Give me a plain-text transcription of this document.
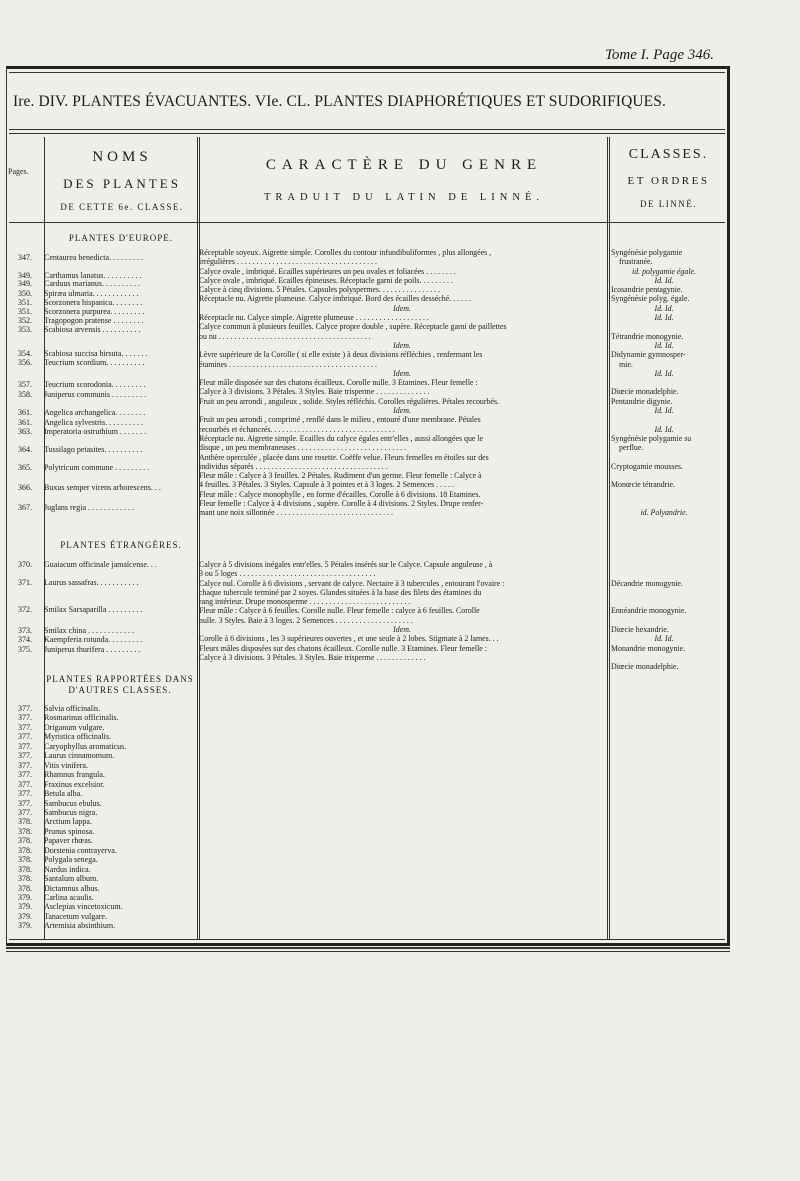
Tome I. Page 346.
Ire. DIV. PLANTES ÉVACUANTES. VIe. CL. PLANTES DIAPHORÉTIQUES ET SUDORIFIQUES.
NOMS
DES PLANTES
DE CETTE 6e. CLASSE.
CARACTÈRE DU GENRE
TRADUIT DU LATIN DE LINNÉ.
CLASSES.
ET ORDRES
DE LINNÉ.
Pages.
PLANTES D'EUROPE.
PLANTES ÉTRANGÈRES.
PLANTES RAPPORTÉES DANS
D'AUTRES CLASSES.
347. Centaurea benedicta. . . . . . . . .
349. Carthamus lanatus. . . . . . . . . .
349. Carduus marianus. . . . . . . . . .
350. Spiræa ulmaria. . . . . . . . . . . .
351. Scorzonera hispanica. . . . . . . .
351. Scorzonera purpurea. . . . . . . . .
352. Tragopogon pratense . . . . . . . .
353. Scabiosa arvensis . . . . . . . . . .
354. Scabiosa succisa hirsuta. . . . . . .
356. Teucrium scordium. . . . . . . . . .
357. Teucrium scorodonia. . . . . . . . .
358. Juniperus communis . . . . . . . . .
361. Angelica archangelica. . . . . . . .
361. Angelica sylvestris. . . . . . . . . .
363. Imperatoria ostruthium . . . . . . .
364. Tussilago petasites. . . . . . . . . .
365. Polytricum commune . . . . . . . . .
366. Buxus semper virens arborescens. . .
367. Juglans regia . . . . . . . . . . . .
370. Guaiacum officinale jamaïcense. . .
371. Laurus sassafras. . . . . . . . . . .
372. Smilax Sarsaparilla . . . . . . . . .
373. Smilax china . . . . . . . . . . . .
374. Kaempferia rotunda. . . . . . . . .
375. Juniperus thurifera . . . . . . . . .
377. Salvia officinalis.
377. Rosmarinus officinalis.
377. Origanum vulgare.
377. Myristica officinalis.
377. Caryophyllus aromaticus.
377. Laurus cinnamomum.
377. Vitis vinifera.
377. Rhamnus frangula.
377. Fraxinus excelsior.
377. Betula alba.
377. Sambucus ebulus.
377. Sambucus nigra.
378. Arctium lappa.
378. Prunus spinosa.
378. Papaver rhœas.
378. Dorstenia contrayerva.
378. Polygala senega.
378. Nardus indica.
378. Santalum album.
378. Dictamnus albus.
379. Carlina acaulis.
379. Asclepias vincetoxicum.
379. Tanacetum vulgare.
379. Artemisia absinthium.
Réceptable soyeux. Aigrette simple. Corolles du contour infundibuliformes , plus allongées ,
irrégulières . . . . . . . . . . . . . . . . . . . . . . . . . . . . . . . . . . . .
Calyce ovale , imbriqué. Ecailles supérieures un peu ovales et foliacées . . . . . . . .
Calyce ovale , imbriqué. Ecailles épineuses. Réceptacle garni de poils. . . . . . . . .
Calyce à cinq divisions. 5 Pétales. Capsules polyspermes. . . . . . . . . . . . . . . .
Réceptacle nu. Aigrette plumeuse. Calyce imbriqué. Bord des écailles desséché. . . . . .
Idem.
Réceptacle nu. Calyce simple. Aigrette plumeuse . . . . . . . . . . . . . . . . . . .
Calyce commun à plusieurs feuilles. Calyce propre double , supère. Réceptacle garni de paillettes
ou nu . . . . . . . . . . . . . . . . . . . . . . . . . . . . . . . . . . . . . . .
Idem.
Lèvre supérieure de la Corolle ( si elle existe ) à deux divisions réfléchies , renfermant les
étamines . . . . . . . . . . . . . . . . . . . . . . . . . . . . . . . . . . . . . .
Idem.
Fleur mâle disposée sur des chatons écailleux. Corolle nulle. 3 Etamines. Fleur femelle :
Calyce à 3 divisions. 3 Pétales. 3 Styles. Baie trisperme . . . . . . . . . . . . . .
Fruit un peu arrondi , anguleux , solide. Styles réfléchis. Corolles régulières. Pétales recourbés.
Idem.
Fruit un peu arrondi , comprimé , renflé dans le milieu , entouré d'une membrane. Pétales
recourbés et échancrés. . . . . . . . . . . . . . . . . . . . . . . . . . . . . . . .
Réceptacle nu. Aigrette simple. Ecailles du calyce égales entr'elles , aussi allongées que le
disque , un peu membraneuses . . . . . . . . . . . . . . . . . . . . . . . . . . . .
Anthère operculée , placée dans une rosette. Coëffe velue. Fleurs femelles en étoiles sur des
individus séparés . . . . . . . . . . . . . . . . . . . . . . . . . . . . . . . . . .
Fleur mâle : Calyce à 3 feuilles. 2 Pétales. Rudiment d'un germe. Fleur femelle : Calyce à
4 feuilles. 3 Pétales. 3 Styles. Capsule à 3 pointes et à 3 loges. 2 Semences . . . . .
Fleur mâle : Calyce monophylle , en forme d'écailles. Corolle à 6 divisions. 18 Etamines.
Fleur femelle : Calyce à 4 divisions , supère. Corolle à 4 divisions. 2 Styles. Drupe renfer-
mant une noix sillonnée . . . . . . . . . . . . . . . . . . . . . . . . . . . . . .
Syngénésie polygamie
frustranée.
id. polygamie égale.
Id. Id.
Icosandrie pentagynie.
Syngénésie polyg. égale.
Id. Id.
Id. Id.

Tétrandrie monogynie.
Id. Id.
Didynamie gymnosper-
mie.
Id. Id.

Diœcie monadelphie.
Pentandrie digynie.
Id. Id.

Id. Id.
Syngénésie polygamie su
perflue.

Cryptogamie mousses.

Monœcie tétrandrie.

id. Polyandrie.
Calyce à 5 divisions inégales entr'elles. 5 Pétales insérés sur le Calyce. Capsule anguleuse , à
3 ou 5 loges . . . . . . . . . . . . . . . . . . . . . . . . . . . . . . . . . . .
Calyce nul. Corolle à 6 divisions , servant de calyce. Nectaire à 3 tubercules , entourant l'ovaire :
chaque tubercule terminé par 2 soyes. Glandes situées à la base des filets des étamines du
rang intérieur. Drupe monosperme . . . . . . . . . . . . . . . . . . . . . . . . . .
Fleur mâle : Calyce à 6 feuilles. Corolle nulle. Fleur femelle : calyce à 6 feuilles. Corolle
nulle. 3 Styles. Baie à 3 loges. 2 Semences . . . . . . . . . . . . . . . . . . . .
Idem.
Corolle à 6 divisions , les 3 supérieures ouvertes , et une seule à 2 lobes. Stigmate à 2 lames. . .
Fleurs mâles disposées sur des chatons écailleux. Corolle nulle. 3 Etamines. Fleur femelle :
Calyce à 3 divisions. 3 Pétales. 3 Styles. Baie trisperme . . . . . . . . . . . . .

Décandrie monogynie.

Ennéandrie monogynie.

Diœcie hexandrie.
Id. Id.
Monandrie monogynie.

Diœcie monadelphie.
